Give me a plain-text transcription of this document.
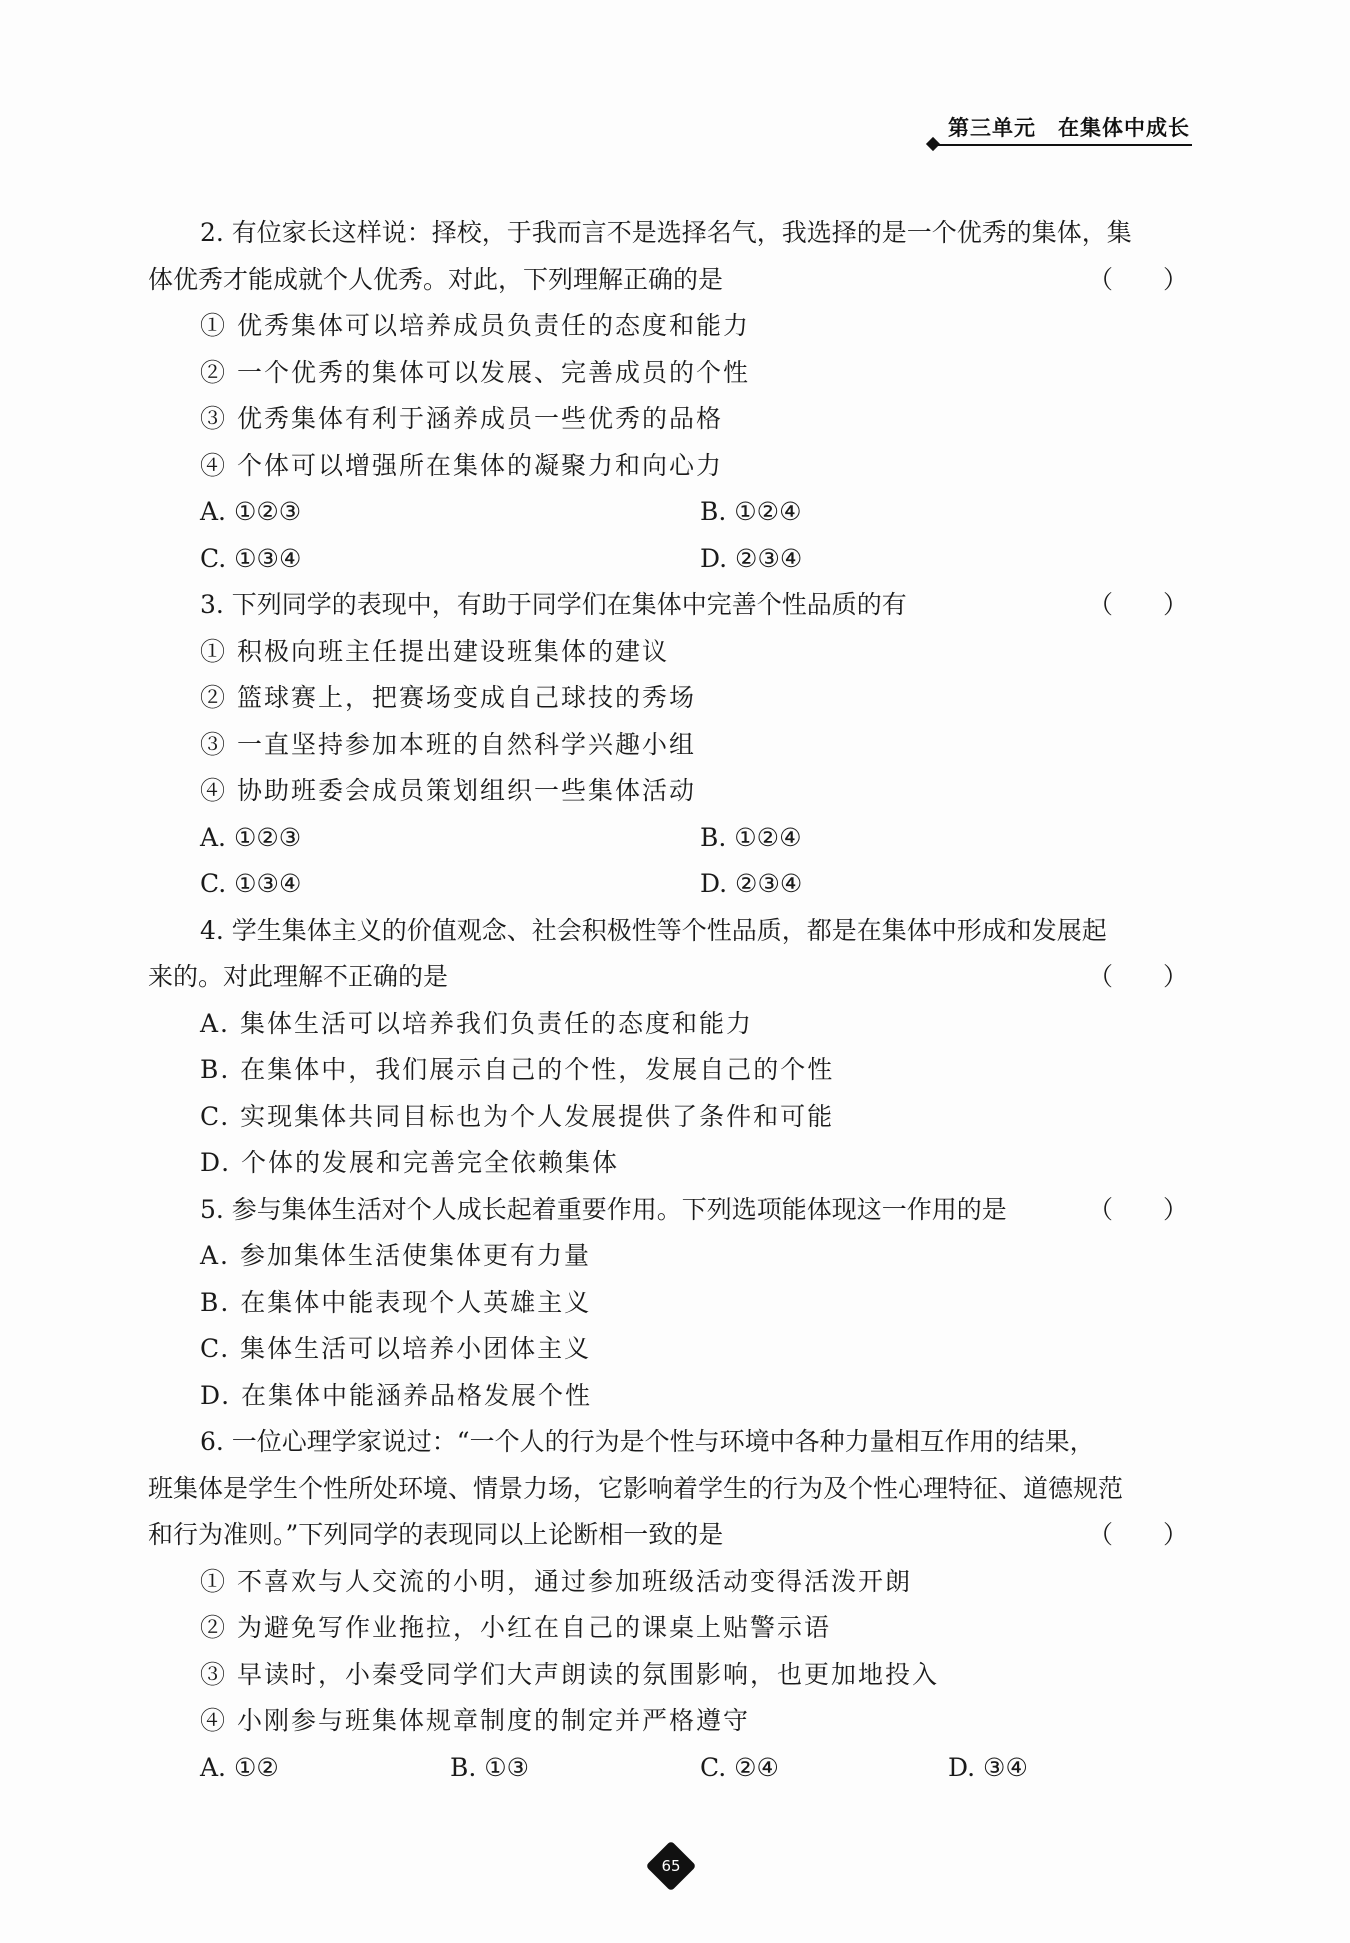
第三单元 在集体中成长
2. 有位家长这样说：择校，于我而言不是选择名气，我选择的是一个优秀的集体，集
体优秀才能成就个人优秀。对此，下列理解正确的是	（　　）
① 优秀集体可以培养成员负责任的态度和能力
② 一个优秀的集体可以发展、完善成员的个性
③ 优秀集体有利于涵养成员一些优秀的品格
④ 个体可以增强所在集体的凝聚力和向心力
A. ①②③	B. ①②④
C. ①③④	D. ②③④
3. 下列同学的表现中，有助于同学们在集体中完善个性品质的有	（　　）
① 积极向班主任提出建设班集体的建议
② 篮球赛上，把赛场变成自己球技的秀场
③ 一直坚持参加本班的自然科学兴趣小组
④ 协助班委会成员策划组织一些集体活动
A. ①②③	B. ①②④
C. ①③④	D. ②③④
4. 学生集体主义的价值观念、社会积极性等个性品质，都是在集体中形成和发展起
来的。对此理解不正确的是	（　　）
A. 集体生活可以培养我们负责任的态度和能力
B. 在集体中，我们展示自己的个性，发展自己的个性
C. 实现集体共同目标也为个人发展提供了条件和可能
D. 个体的发展和完善完全依赖集体
5. 参与集体生活对个人成长起着重要作用。下列选项能体现这一作用的是	（　　）
A. 参加集体生活使集体更有力量
B. 在集体中能表现个人英雄主义
C. 集体生活可以培养小团体主义
D. 在集体中能涵养品格发展个性
6. 一位心理学家说过：“一个人的行为是个性与环境中各种力量相互作用的结果，
班集体是学生个性所处环境、情景力场，它影响着学生的行为及个性心理特征、道德规范
和行为准则。”下列同学的表现同以上论断相一致的是	（　　）
① 不喜欢与人交流的小明，通过参加班级活动变得活泼开朗
② 为避免写作业拖拉，小红在自己的课桌上贴警示语
③ 早读时，小秦受同学们大声朗读的氛围影响，也更加地投入
④ 小刚参与班集体规章制度的制定并严格遵守
A. ①②	B. ①③	C. ②④	D. ③④
65
